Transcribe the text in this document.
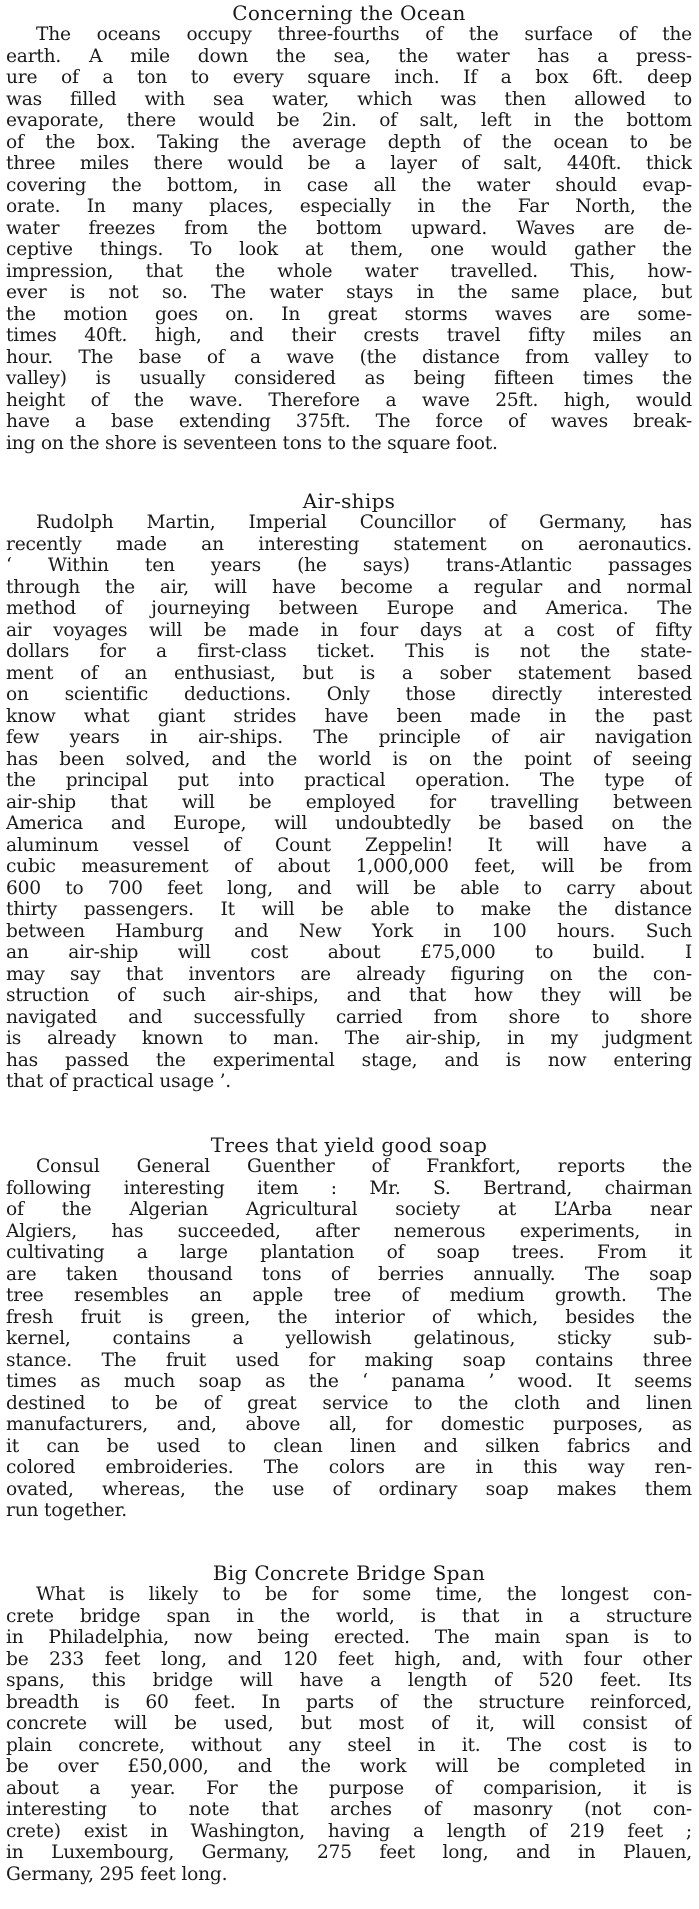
Concerning the Ocean
The oceans occupy three-fourths of the surface of the
earth. A mile down the sea, the water has a press-
ure of a ton to every square inch. If a box 6ft. deep
was filled with sea water, which was then allowed to
evaporate, there would be 2in. of salt, left in the bottom
of the box. Taking the average depth of the ocean to be
three miles there would be a layer of salt, 440ft. thick
covering the bottom, in case all the water should evap-
orate. In many places, especially in the Far North, the
water freezes from the bottom upward. Waves are de-
ceptive things. To look at them, one would gather the
impression, that the whole water travelled. This, how-
ever is not so. The water stays in the same place, but
the motion goes on. In great storms waves are some-
times 40ft. high, and their crests travel fifty miles an
hour. The base of a wave (the distance from valley to
valley) is usually considered as being fifteen times the
height of the wave. Therefore a wave 25ft. high, would
have a base extending 375ft. The force of waves break-
ing on the shore is seventeen tons to the square foot.
Air-ships
Rudolph Martin, Imperial Councillor of Germany, has
recently made an interesting statement on aeronautics.
‘ Within ten years (he says) trans-Atlantic passages
through the air, will have become a regular and normal
method of journeying between Europe and America. The
air voyages will be made in four days at a cost of fifty
dollars for a first-class ticket. This is not the state-
ment of an enthusiast, but is a sober statement based
on scientific deductions. Only those directly interested
know what giant strides have been made in the past
few years in air-ships. The principle of air navigation
has been solved, and the world is on the point of seeing
the principal put into practical operation. The type of
air-ship that will be employed for travelling between
America and Europe, will undoubtedly be based on the
aluminum vessel of Count Zeppelin! It will have a
cubic measurement of about 1,000,000 feet, will be from
600 to 700 feet long, and will be able to carry about
thirty passengers. It will be able to make the distance
between Hamburg and New York in 100 hours. Such
an air-ship will cost about £75,000 to build. I
may say that inventors are already figuring on the con-
struction of such air-ships, and that how they will be
navigated and successfully carried from shore to shore
is already known to man. The air-ship, in my judgment
has passed the experimental stage, and is now entering
that of practical usage ’.
Trees that yield good soap
Consul General Guenther of Frankfort, reports the
following interesting item : Mr. S. Bertrand, chairman
of the Algerian Agricultural society at L’Arba near
Algiers, has succeeded, after nemerous experiments, in
cultivating a large plantation of soap trees. From it
are taken thousand tons of berries annually. The soap
tree resembles an apple tree of medium growth. The
fresh fruit is green, the interior of which, besides the
kernel, contains a yellowish gelatinous, sticky sub-
stance. The fruit used for making soap contains three
times as much soap as the ‘ panama ’ wood. It seems
destined to be of great service to the cloth and linen
manufacturers, and, above all, for domestic purposes, as
it can be used to clean linen and silken fabrics and
colored embroideries. The colors are in this way ren-
ovated, whereas, the use of ordinary soap makes them
run together.
Big Concrete Bridge Span
What is likely to be for some time, the longest con-
crete bridge span in the world, is that in a structure
in Philadelphia, now being erected. The main span is to
be 233 feet long, and 120 feet high, and, with four other
spans, this bridge will have a length of 520 feet. Its
breadth is 60 feet. In parts of the structure reinforced,
concrete will be used, but most of it, will consist of
plain concrete, without any steel in it. The cost is to
be over £50,000, and the work will be completed in
about a year. For the purpose of comparision, it is
interesting to note that arches of masonry (not con-
crete) exist in Washington, having a length of 219 feet ;
in Luxembourg, Germany, 275 feet long, and in Plauen,
Germany, 295 feet long.
